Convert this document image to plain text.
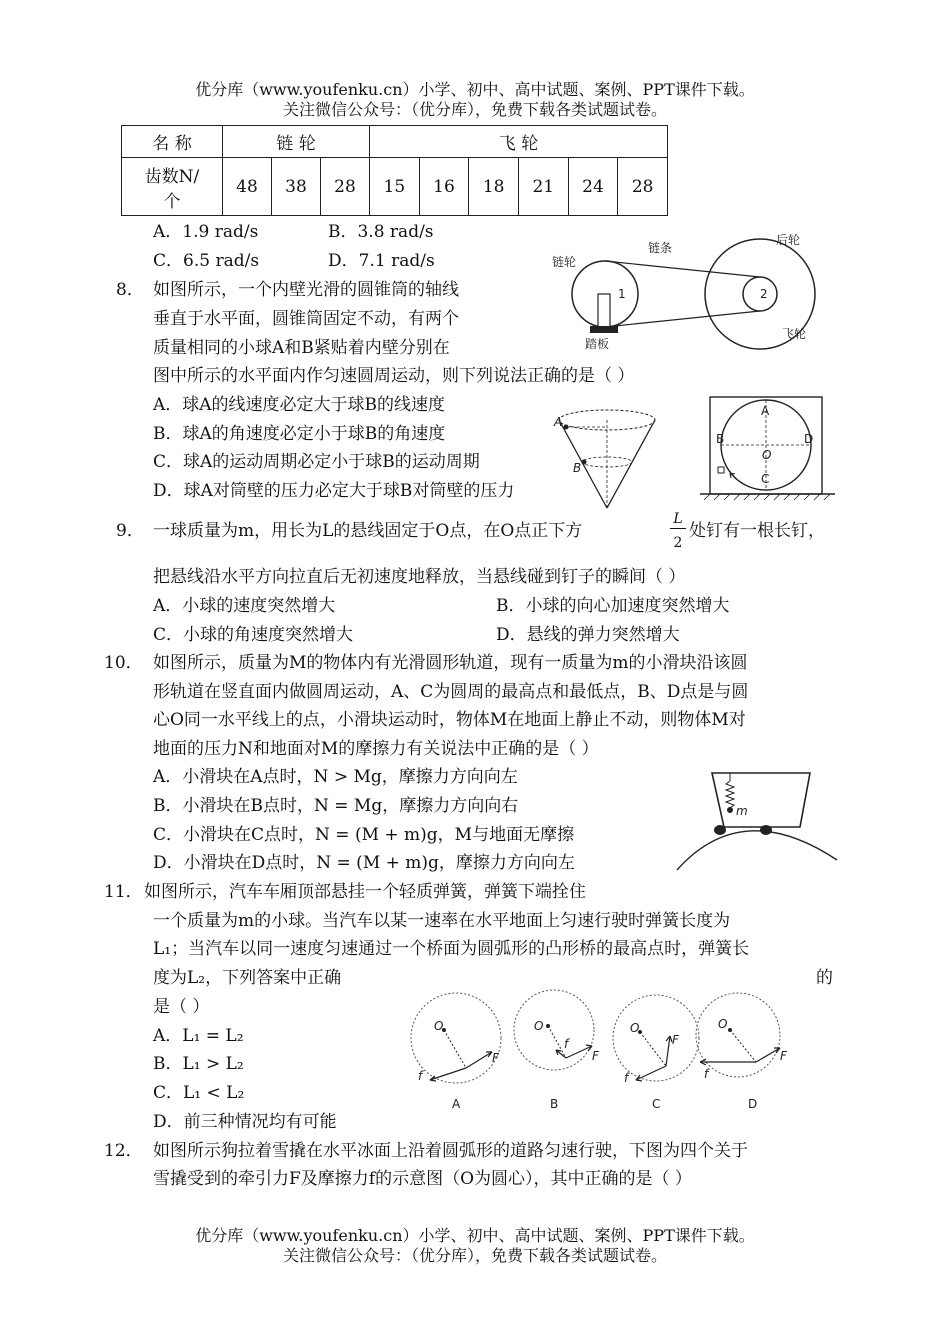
优分库（www.youfenku.cn）小学、初中、高中试题、案例、PPT课件下载。
关注微信公众号：（优分库），免费下载各类试题试卷。
名 称	链 轮			飞 轮					
齿数N/
个	48	38	28	15	16	18	21	24	28
A．1.9 rad/s	B．3.8 rad/s
C．6.5 rad/s	D．7.1 rad/s	链轮
链条
后轮
踏板
飞轮
1	2
8． 如图所示，一个内壁光滑的圆锥筒的轴线
垂直于水平面，圆锥筒固定不动，有两个
质量相同的小球A和B紧贴着内壁分别在
图中所示的水平面内作匀速圆周运动，则下列说法正确的是（ ）
A．球A的线速度必定大于球B的线速度
B．球A的角速度必定小于球B的角速度
C．球A的运动周期必定小于球B的运动周期
D．球A对筒壁的压力必定大于球B对筒壁的压力
A
B
A
B	D
O
C
9． 一球质量为m，用长为L的悬线固定于O点，在O点正下方
L
2
处钉有一根长钉，
把悬线沿水平方向拉直后无初速度地释放，当悬线碰到钉子的瞬间（ ）
A．小球的速度突然增大	B．小球的向心加速度突然增大
C．小球的角速度突然增大	D．悬线的弹力突然增大
10． 如图所示，质量为M的物体内有光滑圆形轨道，现有一质量为m的小滑块沿该圆
形轨道在竖直面内做圆周运动，A、C为圆周的最高点和最低点，B、D点是与圆
心O同一水平线上的点，小滑块运动时，物体M在地面上静止不动，则物体M对
地面的压力N和地面对M的摩擦力有关说法中正确的是（ ）
A．小滑块在A点时，N > Mg，摩擦力方向向左
B．小滑块在B点时，N = Mg，摩擦力方向向右
C．小滑块在C点时，N = (M + m)g，M与地面无摩擦
D．小滑块在D点时，N = (M + m)g，摩擦力方向向左
m
11． 如图所示，汽车车厢顶部悬挂一个轻质弹簧，弹簧下端拴住
一个质量为m的小球。当汽车以某一速率在水平地面上匀速行驶时弹簧长度为
L₁；当汽车以同一速度匀速通过一个桥面为圆弧形的凸形桥的最高点时，弹簧长
度为L₂，下列答案中正确	的
是（ ）
A．L₁ = L₂
B．L₁ > L₂
C．L₁ < L₂
D．前三种情况均有可能
O
F
f
A
O
F
f
B
O
F
f
C
O
F
f
D
12． 如图所示狗拉着雪撬在水平冰面上沿着圆弧形的道路匀速行驶，下图为四个关于
雪撬受到的牵引力F及摩擦力f的示意图（O为圆心），其中正确的是（ ）
优分库（www.youfenku.cn）小学、初中、高中试题、案例、PPT课件下载。
关注微信公众号：（优分库），免费下载各类试题试卷。
